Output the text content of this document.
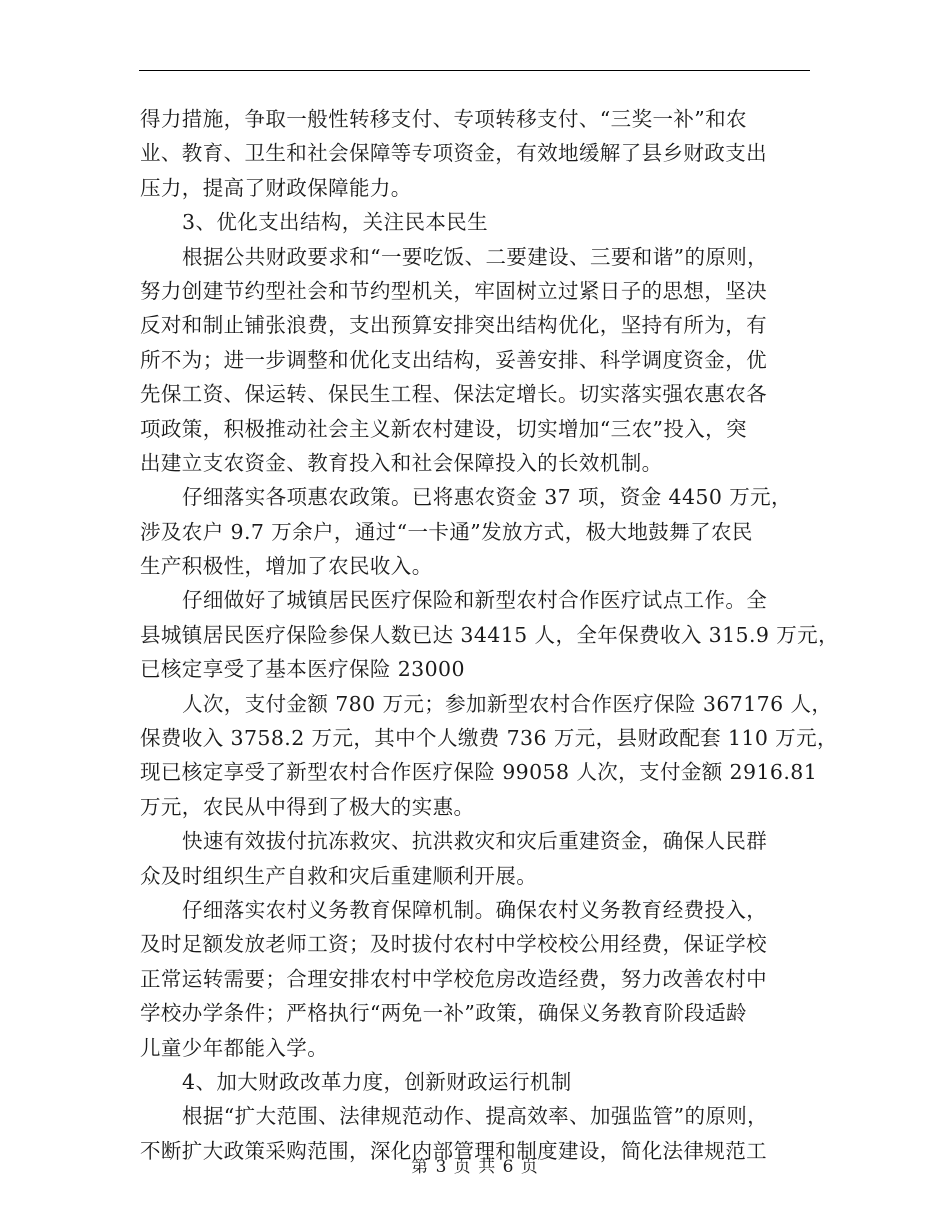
得力措施，争取一般性转移支付、专项转移支付、“三奖一补”和农
业、教育、卫生和社会保障等专项资金，有效地缓解了县乡财政支出
压力，提高了财政保障能力。
3、优化支出结构，关注民本民生
根据公共财政要求和“一要吃饭、二要建设、三要和谐”的原则，
努力创建节约型社会和节约型机关，牢固树立过紧日子的思想，坚决
反对和制止铺张浪费，支出预算安排突出结构优化，坚持有所为，有
所不为；进一步调整和优化支出结构，妥善安排、科学调度资金，优
先保工资、保运转、保民生工程、保法定增长。切实落实强农惠农各
项政策，积极推动社会主义新农村建设，切实增加“三农”投入，突
出建立支农资金、教育投入和社会保障投入的长效机制。
仔细落实各项惠农政策。已将惠农资金 37 项，资金 4450 万元，
涉及农户 9.7 万余户，通过“一卡通”发放方式，极大地鼓舞了农民
生产积极性，增加了农民收入。
仔细做好了城镇居民医疗保险和新型农村合作医疗试点工作。全
县城镇居民医疗保险参保人数已达 34415 人，全年保费收入 315.9 万元，
已核定享受了基本医疗保险 23000
人次，支付金额 780 万元；参加新型农村合作医疗保险 367176 人，
保费收入 3758.2 万元，其中个人缴费 736 万元，县财政配套 110 万元，
现已核定享受了新型农村合作医疗保险 99058 人次，支付金额 2916.81
万元，农民从中得到了极大的实惠。
快速有效拔付抗冻救灾、抗洪救灾和灾后重建资金，确保人民群
众及时组织生产自救和灾后重建顺利开展。
仔细落实农村义务教育保障机制。确保农村义务教育经费投入，
及时足额发放老师工资；及时拔付农村中学校校公用经费，保证学校
正常运转需要；合理安排农村中学校危房改造经费，努力改善农村中
学校办学条件；严格执行“两免一补”政策，确保义务教育阶段适龄
儿童少年都能入学。
4、加大财政改革力度，创新财政运行机制
根据“扩大范围、法律规范动作、提高效率、加强监管”的原则，
不断扩大政策采购范围，深化内部管理和制度建设，简化法律规范工
第 3 页 共 6 页
